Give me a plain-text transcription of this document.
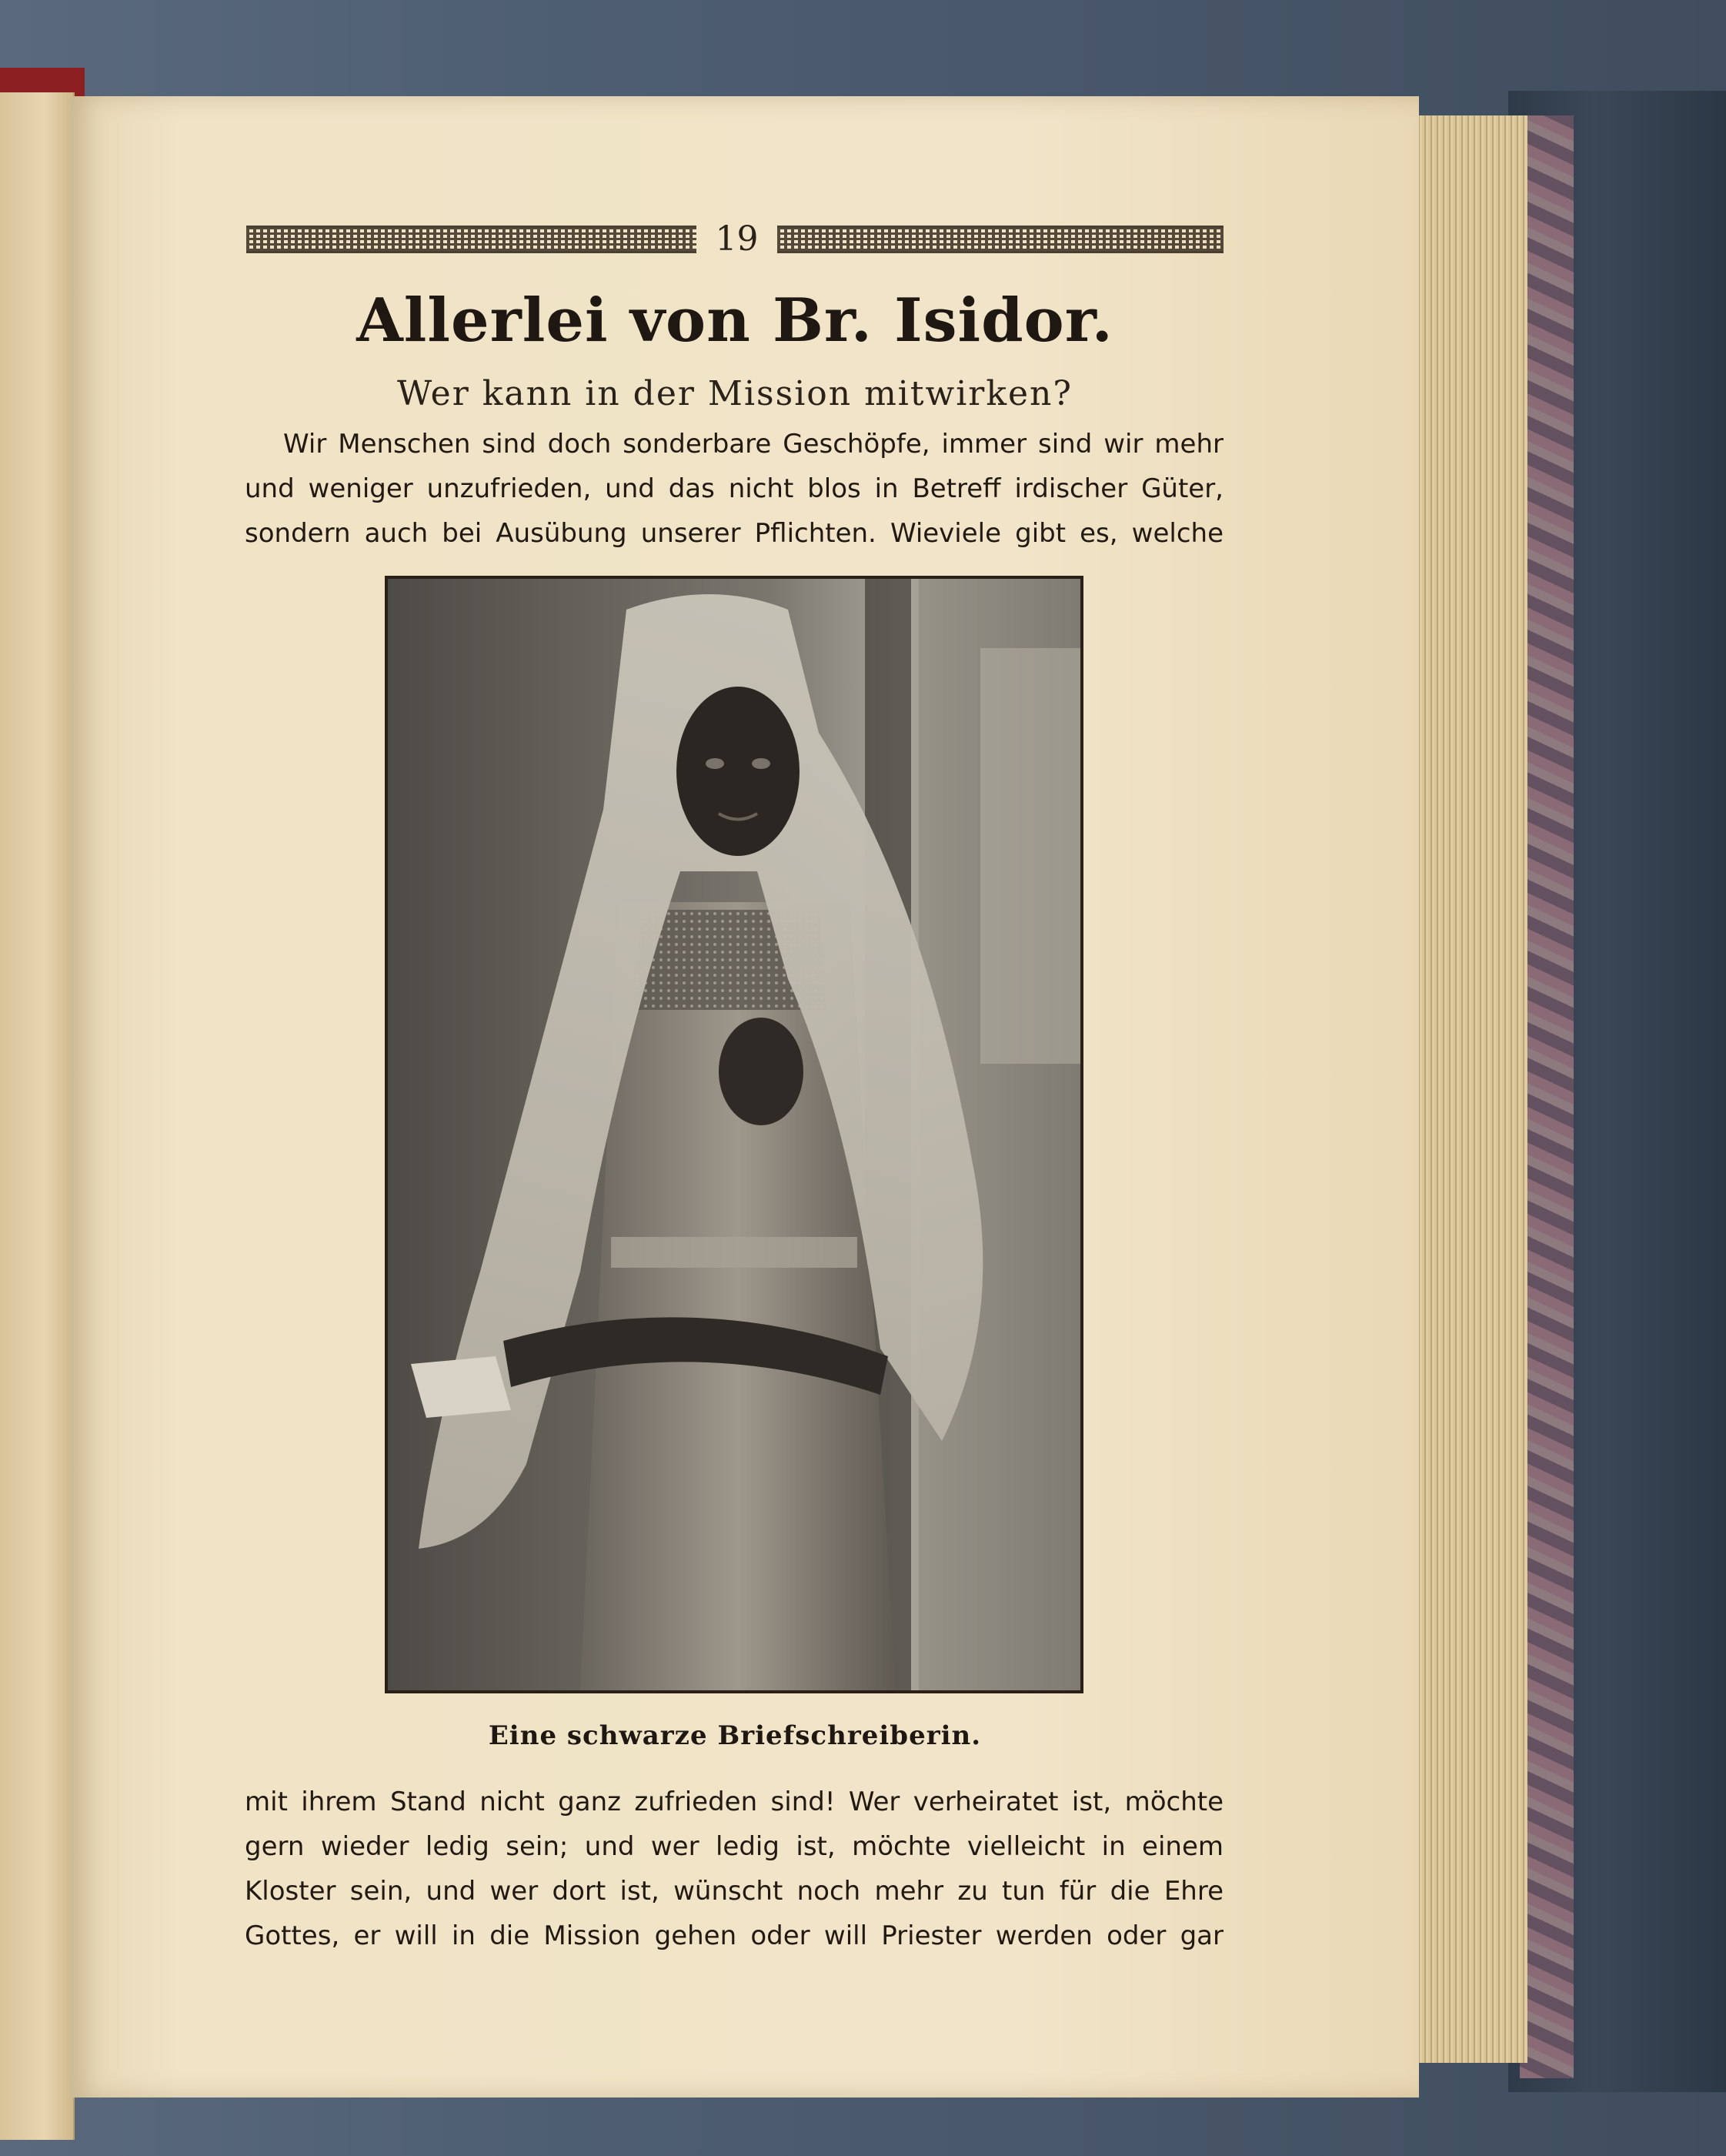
19
Allerlei von Br. Isidor.
Wer kann in der Mission mitwirken?
Wir Menschen sind doch sonderbare Geschöpfe, immer sind wir mehr
und weniger unzufrieden, und das nicht blos in Betreff irdischer Güter,
sondern auch bei Ausübung unserer Pflichten. Wieviele gibt es, welche
Eine schwarze Briefschreiberin.
mit ihrem Stand nicht ganz zufrieden sind! Wer verheiratet ist, möchte
gern wieder ledig sein; und wer ledig ist, möchte vielleicht in einem
Kloster sein, und wer dort ist, wünscht noch mehr zu tun für die Ehre
Gottes, er will in die Mission gehen oder will Priester werden oder gar
